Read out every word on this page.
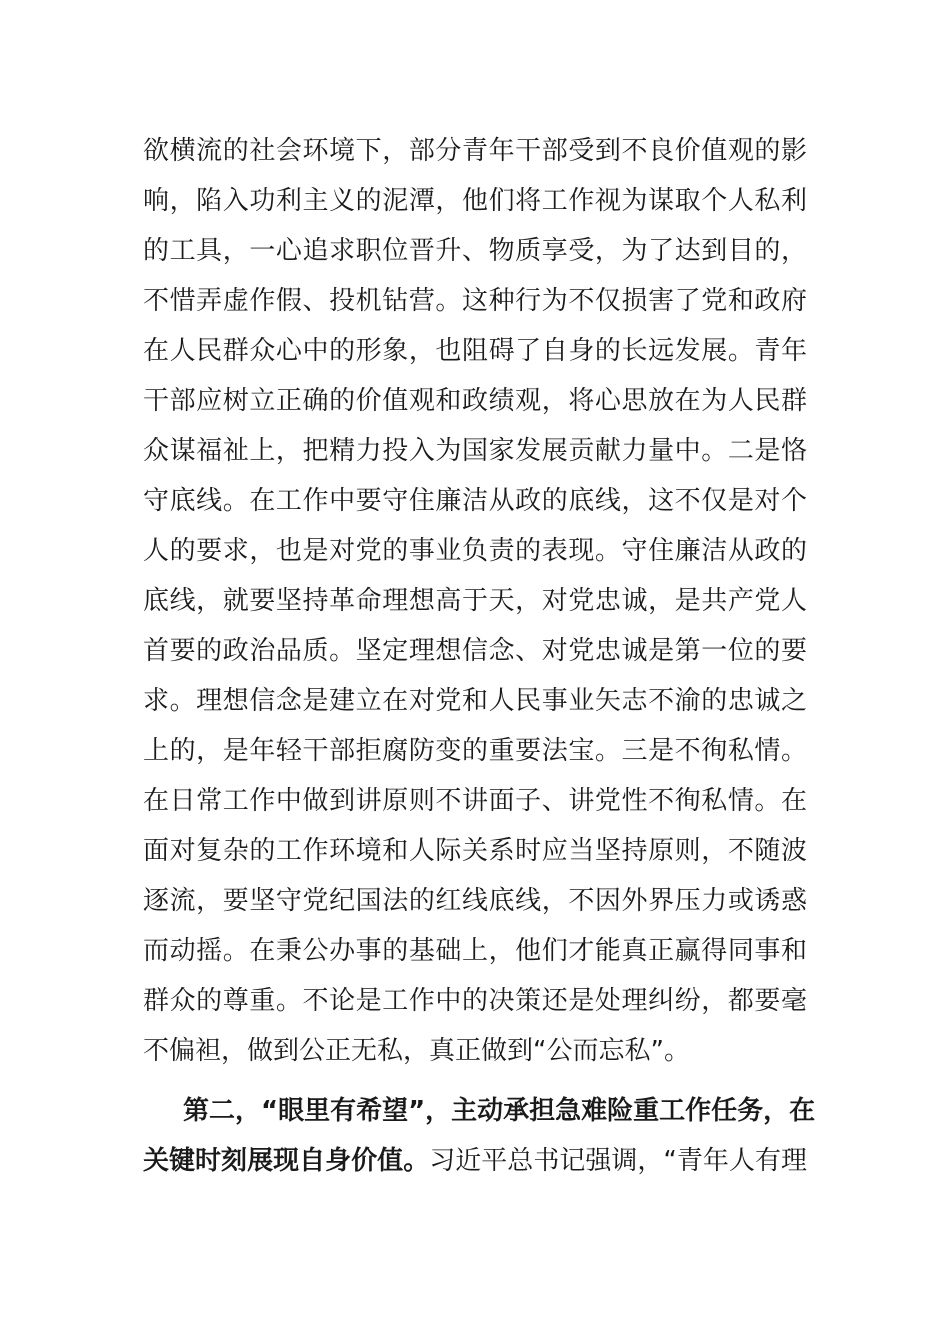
欲横流的社会环境下，部分青年干部受到不良价值观的影
响，陷入功利主义的泥潭，他们将工作视为谋取个人私利
的工具，一心追求职位晋升、物质享受，为了达到目的，
不惜弄虚作假、投机钻营。这种行为不仅损害了党和政府
在人民群众心中的形象，也阻碍了自身的长远发展。青年
干部应树立正确的价值观和政绩观，将心思放在为人民群
众谋福祉上，把精力投入为国家发展贡献力量中。二是恪
守底线。在工作中要守住廉洁从政的底线，这不仅是对个
人的要求，也是对党的事业负责的表现。守住廉洁从政的
底线，就要坚持革命理想高于天，对党忠诚，是共产党人
首要的政治品质。坚定理想信念、对党忠诚是第一位的要
求。理想信念是建立在对党和人民事业矢志不渝的忠诚之
上的，是年轻干部拒腐防变的重要法宝。三是不徇私情。
在日常工作中做到讲原则不讲面子、讲党性不徇私情。在
面对复杂的工作环境和人际关系时应当坚持原则，不随波
逐流，要坚守党纪国法的红线底线，不因外界压力或诱惑
而动摇。在秉公办事的基础上，他们才能真正赢得同事和
群众的尊重。不论是工作中的决策还是处理纠纷，都要毫
不偏袒，做到公正无私，真正做到“公而忘私”。
第二，“眼里有希望”，主动承担急难险重工作任务，在
关键时刻展现自身价值。习近平总书记强调，“青年人有理
